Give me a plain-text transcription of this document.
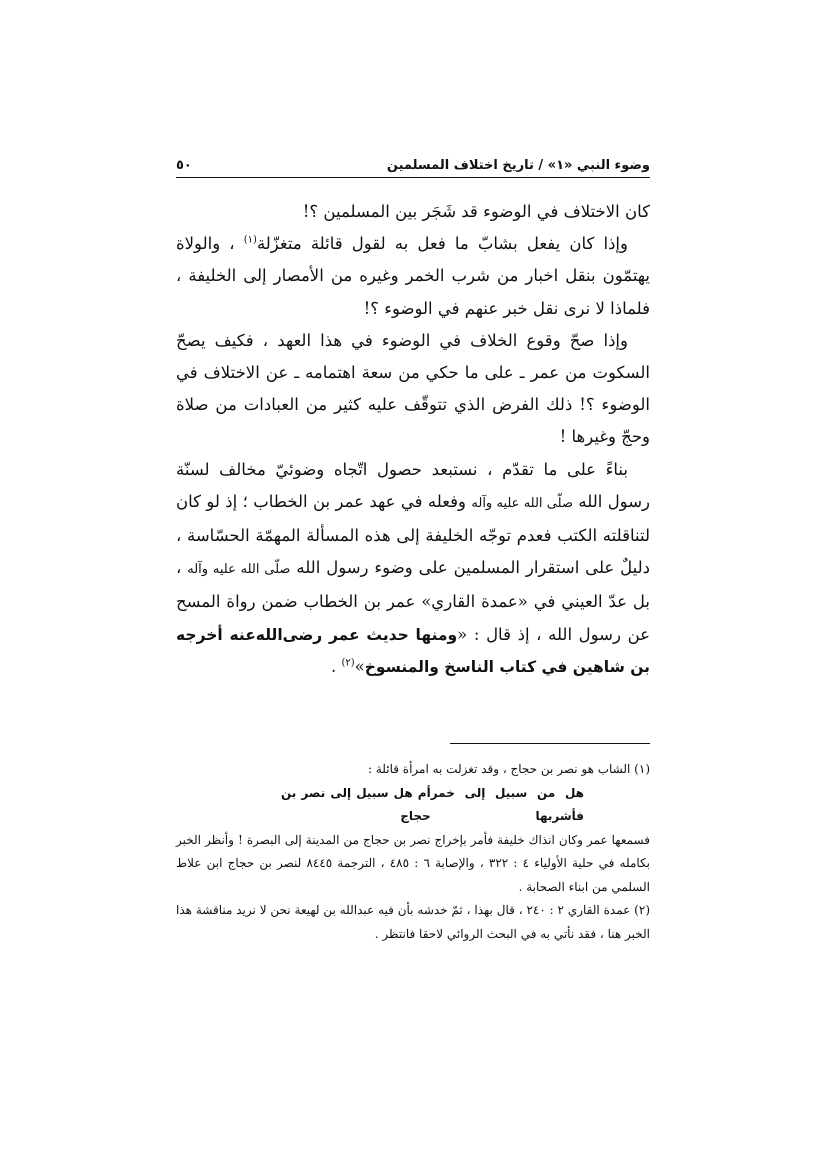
وضوء النبي «١» / تاريخ اختلاف المسلمين
٥٠

كان الاختلاف في الوضوء قد شَجَر بين المسلمين ؟!

وإذا كان يفعل بشابّ ما فعل به لقول قائلة متغزّلة$^{(١)}$ ، والولاة يهتمّون بنقل اخبار من شرب الخمر وغيره من الأمصار إلى الخليفة ، فلماذا لا نرى نقل خبر عنهم في الوضوء ؟!

وإذا صحّ وقوع الخلاف في الوضوء في هذا العهد ، فكيف يصحّ السكوت من عمر ـ على ما حكي من سعة اهتمامه ـ عن الاختلاف في الوضوء ؟! ذلك الفرض الذي تتوقّف عليه كثير من العبادات من صلاة وحجّ وغيرها !

بناءً على ما تقدّم ، نستبعد حصول اتّجاه وضوئيّ مخالف لسنّة رسول الله صلّى الله عليه وآله وفعله في عهد عمر بن الخطاب ؛ إذ لو كان لتناقلته الكتب فعدم توجّه الخليفة إلى هذه المسألة المهمّة الحسّاسة ، دليلٌ على استقرار المسلمين على وضوء رسول الله صلّى الله عليه وآله ، بل عدّ العيني في «عمدة القاري» عمر بن الخطاب ضمن رواة المسح عن رسول الله ، إذ قال : «ومنها حديث عمر رضى‌الله‌عنه أخرجه بن شاهين في كتاب الناسخ والمنسوخ»$^{(٢)}$ .

(١) الشاب هو نصر بن حجاج ، وقد تغزلت به امرأة قائلة :

هل من سبيل إلى خمر فأشربها
أم هل سبيل إلى نصر بن حجاج

فسمعها عمر وكان انذاك خليفة فأمر بإخراج نصر بن حجاج من المدينة إلى البصرة ! وأنظر الخبر بكامله في حلية الأولياء ٤ : ٣٢٢ ، والإصابة ٦ : ٤٨٥ ، الترجمة ٨٤٤٥ لنصر بن حجاج ابن علاط السلمي من ابناء الصحابة .

(٢) عمدة القاري ٢ : ٢٤٠ ، قال بهذا ، ثمّ خدشه بأن فيه عبدالله بن لهيعة نحن لا نريد مناقشة هذا الخبر هنا ، فقد نأتي به في البحث الروائي لاحقا فانتظر .
